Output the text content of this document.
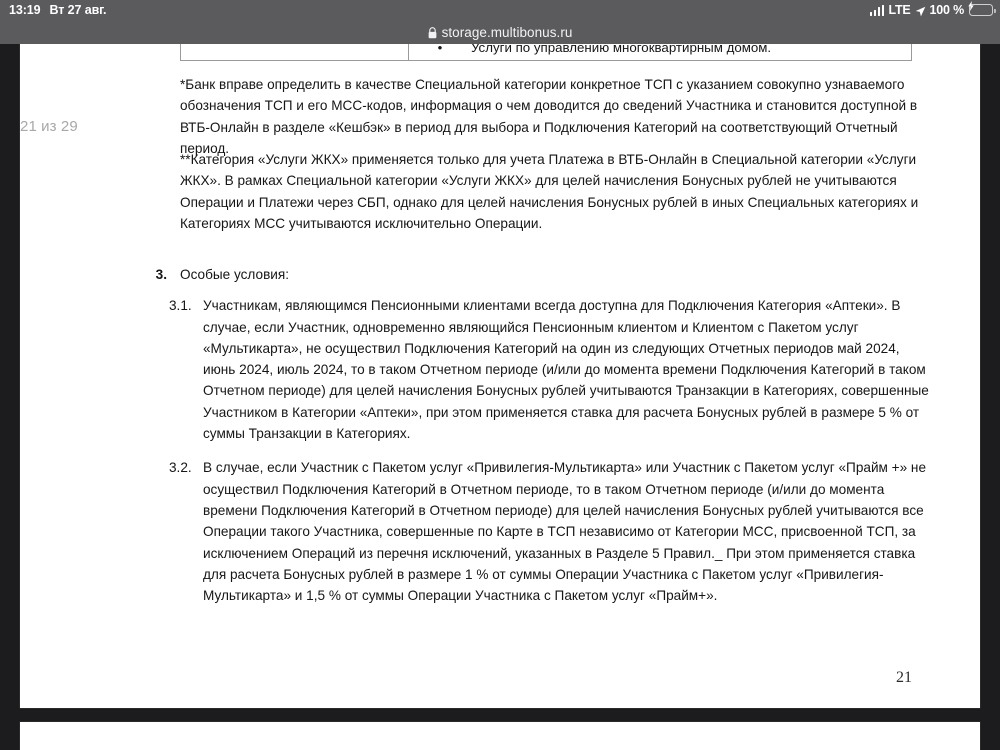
13:19 Вт 27 авг.	LTE 100 %
storage.multibonus.ru
21 из 29
•	Услуги по управлению многоквартирным домом.

*Банк вправе определить в качестве Специальной категории конкретное ТСП с указанием совокупно узнаваемого обозначения ТСП и его МСС-кодов, информация о чем доводится до сведений Участника и становится доступной в ВТБ-Онлайн в разделе «Кешбэк» в период для выбора и Подключения Категорий на соответствующий Отчетный период.

**Категория «Услуги ЖКХ» применяется только для учета Платежа в ВТБ-Онлайн в Специальной категории «Услуги ЖКХ». В рамках Специальной категории «Услуги ЖКХ» для целей начисления Бонусных рублей не учитываются Операции и Платежи через СБП, однако для целей начисления Бонусных рублей в иных Специальных категориях и Категориях МСС учитываются исключительно Операции.

3. Особые условия:
3.1. Участникам, являющимся Пенсионными клиентами всегда доступна для Подключения Категория «Аптеки». В случае, если Участник, одновременно являющийся Пенсионным клиентом и Клиентом с Пакетом услуг «Мультикарта», не осуществил Подключения Категорий на один из следующих Отчетных периодов май 2024, июнь 2024, июль 2024, то в таком Отчетном периоде (и/или до момента времени Подключения Категорий в таком Отчетном периоде) для целей начисления Бонусных рублей учитываются Транзакции в Категориях, совершенные Участником в Категории «Аптеки», при этом применяется ставка для расчета Бонусных рублей в размере 5 % от суммы Транзакции в Категориях.
3.2. В случае, если Участник с Пакетом услуг «Привилегия-Мультикарта» или Участник с Пакетом услуг «Прайм +» не осуществил Подключения Категорий в Отчетном периоде, то в таком Отчетном периоде (и/или до момента времени Подключения Категорий в Отчетном периоде) для целей начисления Бонусных рублей учитываются все Операции такого Участника, совершенные по Карте в ТСП независимо от Категории МСС, присвоенной ТСП, за исключением Операций из перечня исключений, указанных в Разделе 5 Правил._ При этом применяется ставка для расчета Бонусных рублей в размере 1 % от суммы Операции Участника с Пакетом услуг «Привилегия-Мультикарта» и 1,5 % от суммы Операции Участника с Пакетом услуг «Прайм+».
21
